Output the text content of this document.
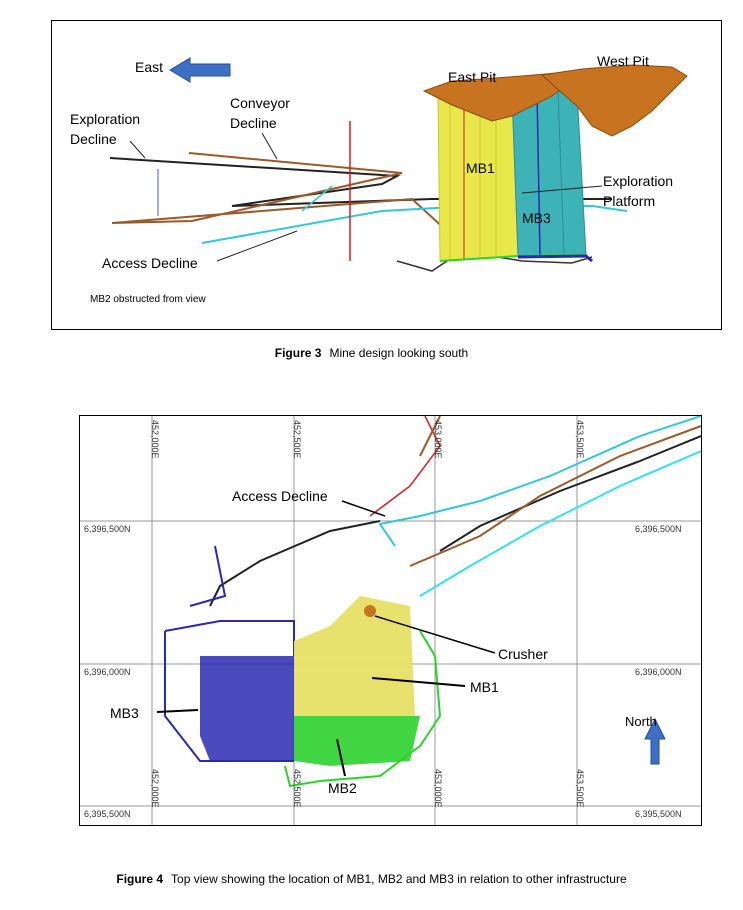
East
East Pit
West Pit
Exploration
Decline
Conveyor
Decline
MB1
MB3
Exploration
Platform
Access Decline
MB2 obstructed from view
Figure 3 Mine design looking south
452,000E	452,500E	453,000E	453,500E
452,000E	452,500E	453,000E	453,500E
6,396,500N
6,396,000N
6,395,500N
6,396,500N
6,396,000N
6,395,500N
Access Decline
Crusher
MB1
MB3
MB2
North
Figure 4 Top view showing the location of MB1, MB2 and MB3 in relation to other infrastructure
